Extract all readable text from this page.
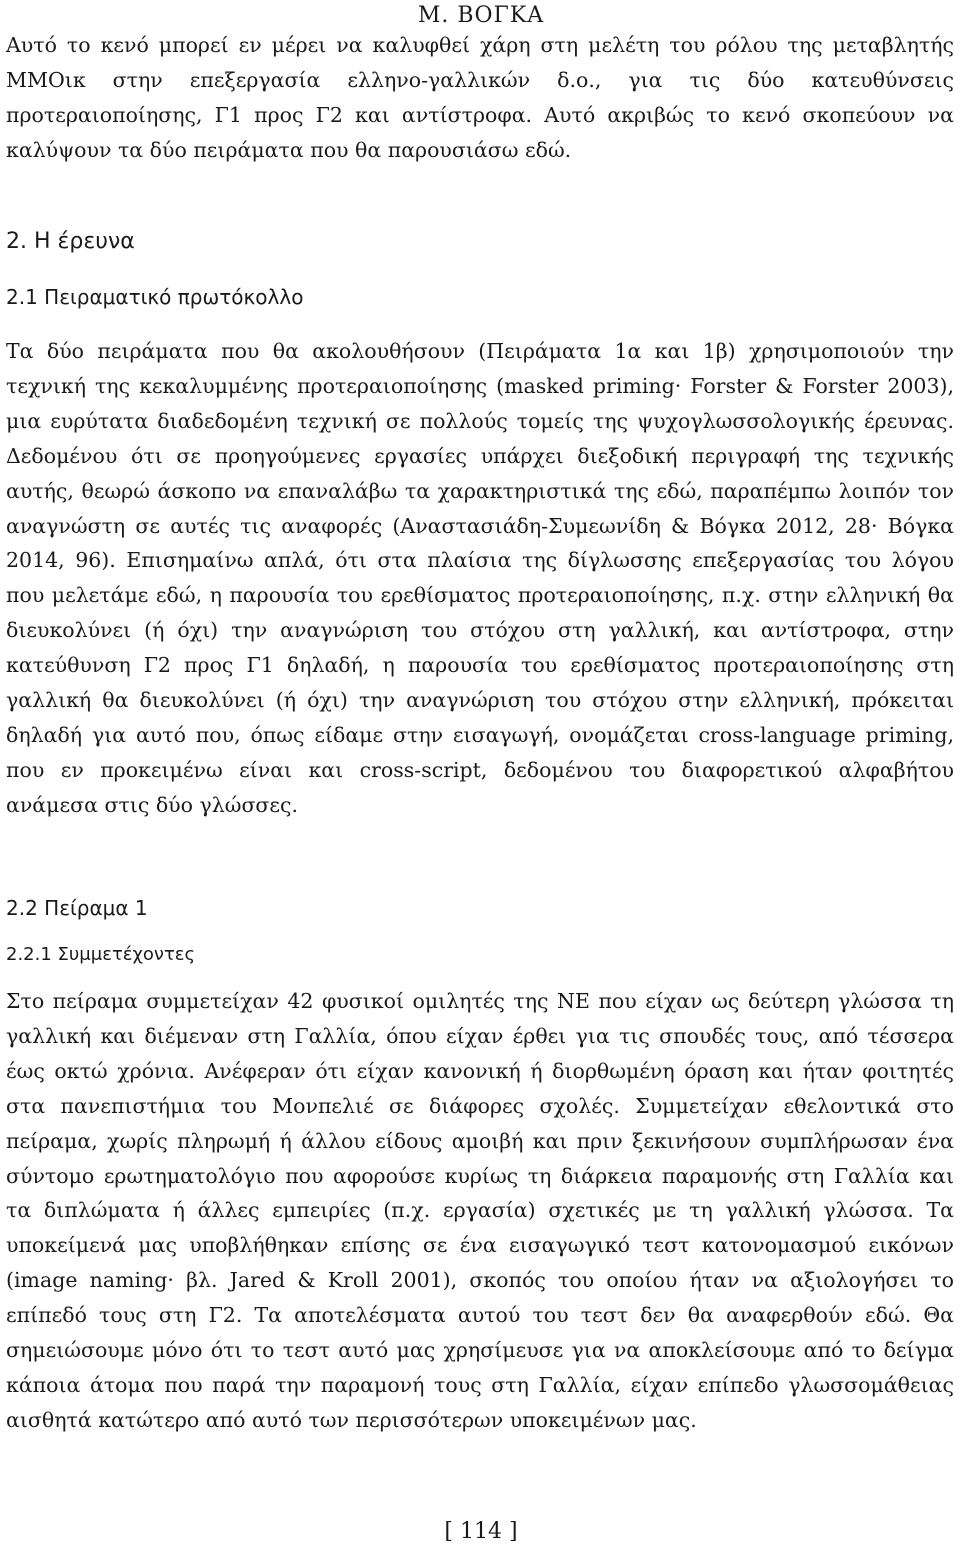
M. ΒΟΓΚΑ

Αυτό το κενό μπορεί εν μέρει να καλυφθεί χάρη στη μελέτη του ρόλου της μεταβλητής ΜΜΟικ στην επεξεργασία ελληνο-γαλλικών δ.ο., για τις δύο κατευθύνσεις προτεραιοποίησης, Γ1 προς Γ2 και αντίστροφα. Αυτό ακριβώς το κενό σκοπεύουν να καλύψουν τα δύο πειράματα που θα παρουσιάσω εδώ.

2. Η έρευνα
2.1 Πειραματικό πρωτόκολλο

Τα δύο πειράματα που θα ακολουθήσουν (Πειράματα 1α και 1β) χρησιμοποιούν την τεχνική της κεκαλυμμένης προτεραιοποίησης (masked priming· Forster & Forster 2003), μια ευρύτατα διαδεδομένη τεχνική σε πολλούς τομείς της ψυχογλωσσολογικής έρευνας. Δεδομένου ότι σε προηγούμενες εργασίες υπάρχει διεξοδική περιγραφή της τεχνικής αυτής, θεωρώ άσκοπο να επαναλάβω τα χαρακτηριστικά της εδώ, παραπέμπω λοιπόν τον αναγνώστη σε αυτές τις αναφορές (Αναστασιάδη-Συμεωνίδη & Βόγκα 2012, 28· Βόγκα 2014, 96). Επισημαίνω απλά, ότι στα πλαίσια της δίγλωσσης επεξεργασίας του λόγου που μελετάμε εδώ, η παρουσία του ερεθίσματος προτεραιοποίησης, π.χ. στην ελληνική θα διευκολύνει (ή όχι) την αναγνώριση του στόχου στη γαλλική, και αντίστροφα, στην κατεύθυνση Γ2 προς Γ1 δηλαδή, η παρουσία του ερεθίσματος προτεραιοποίησης στη γαλλική θα διευκολύνει (ή όχι) την αναγνώριση του στόχου στην ελληνική, πρόκειται δηλαδή για αυτό που, όπως είδαμε στην εισαγωγή, ονομάζεται cross-language priming, που εν προκειμένω είναι και cross-script, δεδομένου του διαφορετικού αλφαβήτου ανάμεσα στις δύο γλώσσες.

2.2 Πείραμα 1
2.2.1 Συμμετέχοντες

Στο πείραμα συμμετείχαν 42 φυσικοί ομιλητές της ΝΕ που είχαν ως δεύτερη γλώσσα τη γαλλική και διέμεναν στη Γαλλία, όπου είχαν έρθει για τις σπουδές τους, από τέσσερα έως οκτώ χρόνια. Ανέφεραν ότι είχαν κανονική ή διορθωμένη όραση και ήταν φοιτητές στα πανεπιστήμια του Μονπελιέ σε διάφορες σχολές. Συμμετείχαν εθελοντικά στο πείραμα, χωρίς πληρωμή ή άλλου είδους αμοιβή και πριν ξεκινήσουν συμπλήρωσαν ένα σύντομο ερωτηματολόγιο που αφορούσε κυρίως τη διάρκεια παραμονής στη Γαλλία και τα διπλώματα ή άλλες εμπειρίες (π.χ. εργασία) σχετικές με τη γαλλική γλώσσα. Τα υποκείμενά μας υποβλήθηκαν επίσης σε ένα εισαγωγικό τεστ κατονομασμού εικόνων (image naming· βλ. Jared & Kroll 2001), σκοπός του οποίου ήταν να αξιολογήσει το επίπεδό τους στη Γ2. Τα αποτελέσματα αυτού του τεστ δεν θα αναφερθούν εδώ. Θα σημειώσουμε μόνο ότι το τεστ αυτό μας χρησίμευσε για να αποκλείσουμε από το δείγμα κάποια άτομα που παρά την παραμονή τους στη Γαλλία, είχαν επίπεδο γλωσσομάθειας αισθητά κατώτερο από αυτό των περισσότερων υποκειμένων μας.

[ 114 ]
